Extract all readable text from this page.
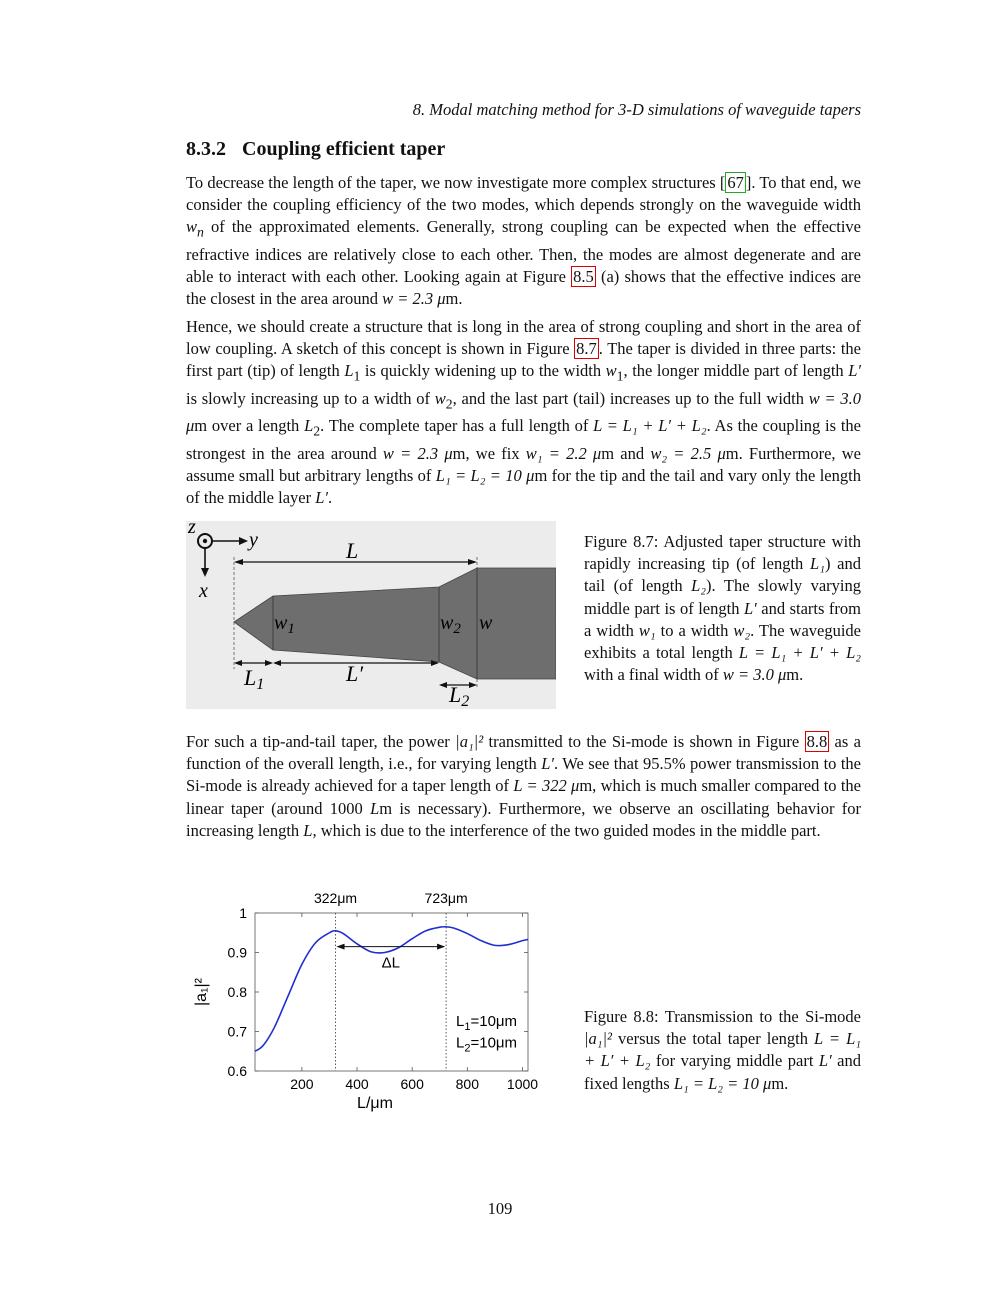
8. Modal matching method for 3-D simulations of waveguide tapers
8.3.2 Coupling efficient taper

To decrease the length of the taper, we now investigate more complex structures [ 67 ]. To that end, we consider the coupling efficiency of the two modes, which depends strongly on the waveguide width $w_n$ of the approximated elements. Generally, strong coupling can be expected when the effective refractive indices are relatively close to each other. Then, the modes are almost degenerate and are able to interact with each other. Looking again at Figure 8.5 (a) shows that the effective indices are the closest in the area around w = 2.3 μm.

Hence, we should create a structure that is long in the area of strong coupling and short in the area of low coupling. A sketch of this concept is shown in Figure 8.7 . The taper is divided in three parts: the first part (tip) of length $L_1$ is quickly widening up to the width $w_1$, the longer middle part of length L′ is slowly increasing up to a width of $w_2$, and the last part (tail) increases up to the full width w = 3.0 μm over a length $L_2$. The complete taper has a full length of L = L₁ + L′ + L₂. As the coupling is the strongest in the area around w = 2.3 μm, we fix w₁ = 2.2 μm and w₂ = 2.5 μm. Furthermore, we assume small but arbitrary lengths of L₁ = L₂ = 10 μm for the tip and the tail and vary only the length of the middle layer L′.

z
y
x
L
$w_1$	$w_2$ w
L1	L′
L2

Figure 8.7: Adjusted taper structure with rapidly increasing tip (of length L₁) and tail (of length L₂). The slowly varying middle part is of length L′ and starts from a width w₁ to a width w₂. The waveguide exhibits a total length L = L₁ + L′ + L₂ with a final width of w = 3.0 μm.

For such a tip-and-tail taper, the power |a₁|² transmitted to the Si-mode is shown in Figure 8.8 as a function of the overall length, i.e., for varying length L′. We see that 95.5% power transmission to the Si-mode is already achieved for a taper length of L = 322 μm, which is much smaller compared to the linear taper (around 1000 Lm is necessary). Furthermore, we observe an oscillating behavior for increasing length L, which is due to the interference of the two guided modes in the middle part.

200 400 600 800 1000
0.6
0.7
0.8
0.9
1
322μm	723μm
ΔL
$L_1=10\mu m$
$L_2=10\mu m$
L/μm
|a₁|²

Figure 8.8: Transmission to the Si-mode |a₁|² versus the total taper length L = L₁ + L′ + L₂ for varying middle part L′ and fixed lengths L₁ = L₂ = 10 μm.

109
